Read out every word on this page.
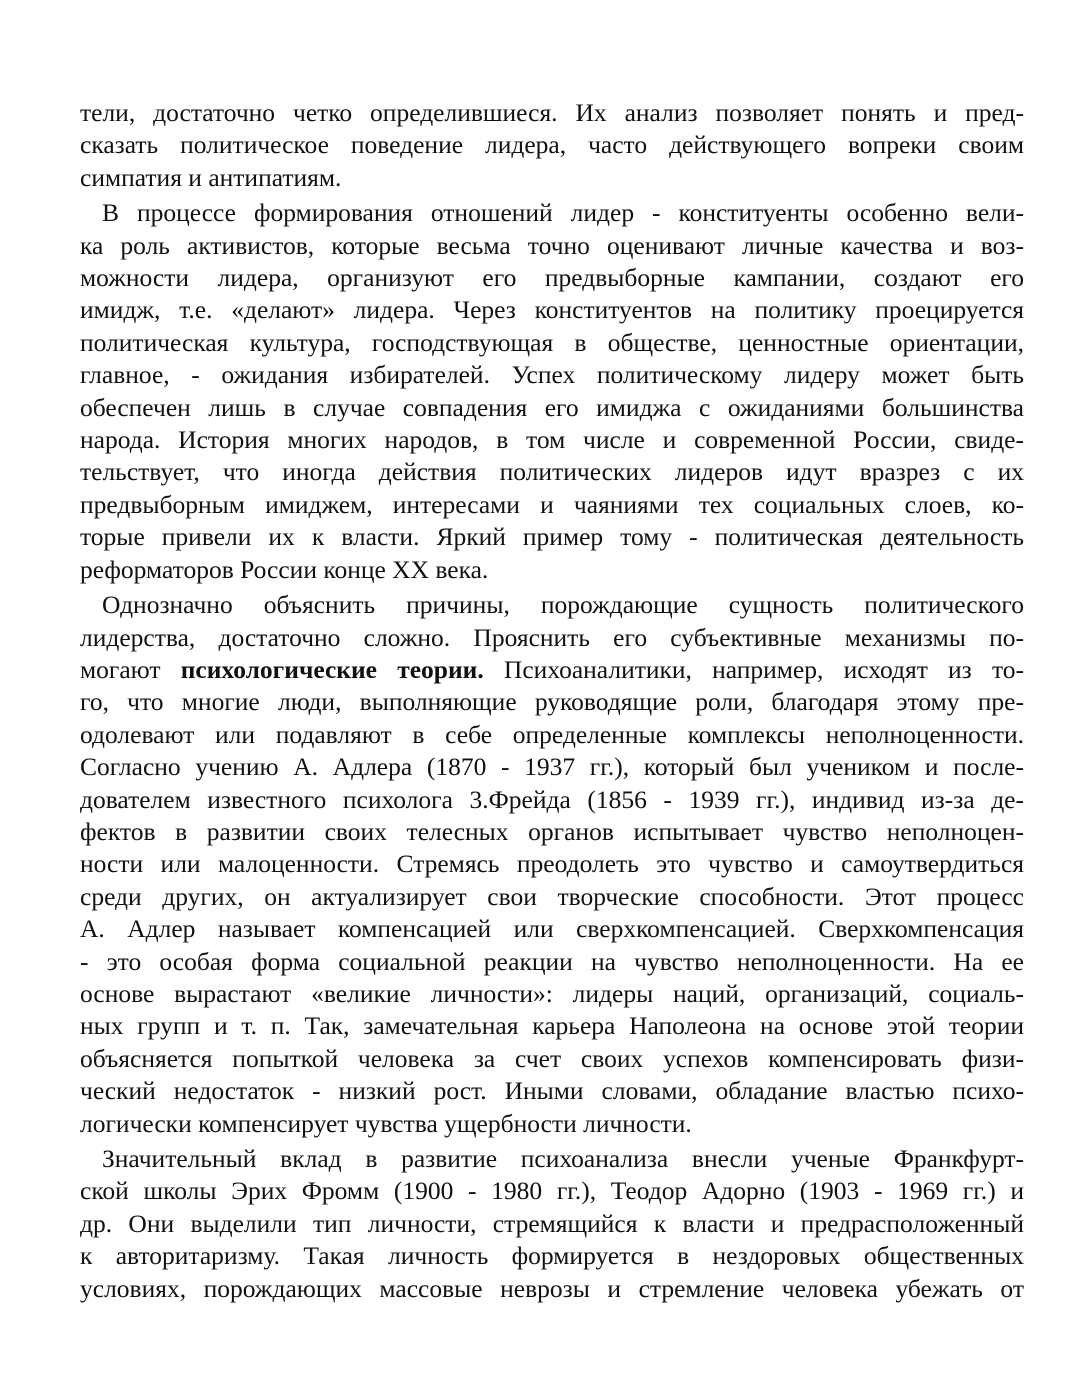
тели, достаточно четко определившиеся. Их анализ позволяет понять и пред-
сказать политическое поведение лидера, часто действующего вопреки своим
симпатия и антипатиям.
В процессе формирования отношений лидер - конституенты особенно вели-
ка роль активистов, которые весьма точно оценивают личные качества и воз-
можности лидера, организуют его предвыборные кампании, создают его
имидж, т.е. «делают» лидера. Через конституентов на политику проецируется
политическая культура, господствующая в обществе, ценностные ориентации,
главное, - ожидания избирателей. Успех политическому лидеру может быть
обеспечен лишь в случае совпадения его имиджа с ожиданиями большинства
народа. История многих народов, в том числе и современной России, свиде-
тельствует, что иногда действия политических лидеров идут вразрез с их
предвыборным имиджем, интересами и чаяниями тех социальных слоев, ко-
торые привели их к власти. Яркий пример тому - политическая деятельность
реформаторов России конце XX века.
Однозначно объяснить причины, порождающие сущность политического
лидерства, достаточно сложно. Прояснить его субъективные механизмы по-
могают психологические теории. Психоаналитики, например, исходят из то-
го, что многие люди, выполняющие руководящие роли, благодаря этому пре-
одолевают или подавляют в себе определенные комплексы неполноценности.
Согласно учению А. Адлера (1870 - 1937 гг.), который был учеником и после-
дователем известного психолога 3.Фрейда (1856 - 1939 гг.), индивид из-за де-
фектов в развитии своих телесных органов испытывает чувство неполноцен-
ности или малоценности. Стремясь преодолеть это чувство и самоутвердиться
среди других, он актуализирует свои творческие способности. Этот процесс
А. Адлер называет компенсацией или сверхкомпенсацией. Сверхкомпенсация
- это особая форма социальной реакции на чувство неполноценности. На ее
основе вырастают «великие личности»: лидеры наций, организаций, социаль-
ных групп и т. п. Так, замечательная карьера Наполеона на основе этой теории
объясняется попыткой человека за счет своих успехов компенсировать физи-
ческий недостаток - низкий рост. Иными словами, обладание властью психо-
логически компенсирует чувства ущербности личности.
Значительный вклад в развитие психоанализа внесли ученые Франкфурт-
ской школы Эрих Фромм (1900 - 1980 гг.), Теодор Адорно (1903 - 1969 гг.) и
др. Они выделили тип личности, стремящийся к власти и предрасположенный
к авторитаризму. Такая личность формируется в нездоровых общественных
условиях, порождающих массовые неврозы и стремление человека убежать от
